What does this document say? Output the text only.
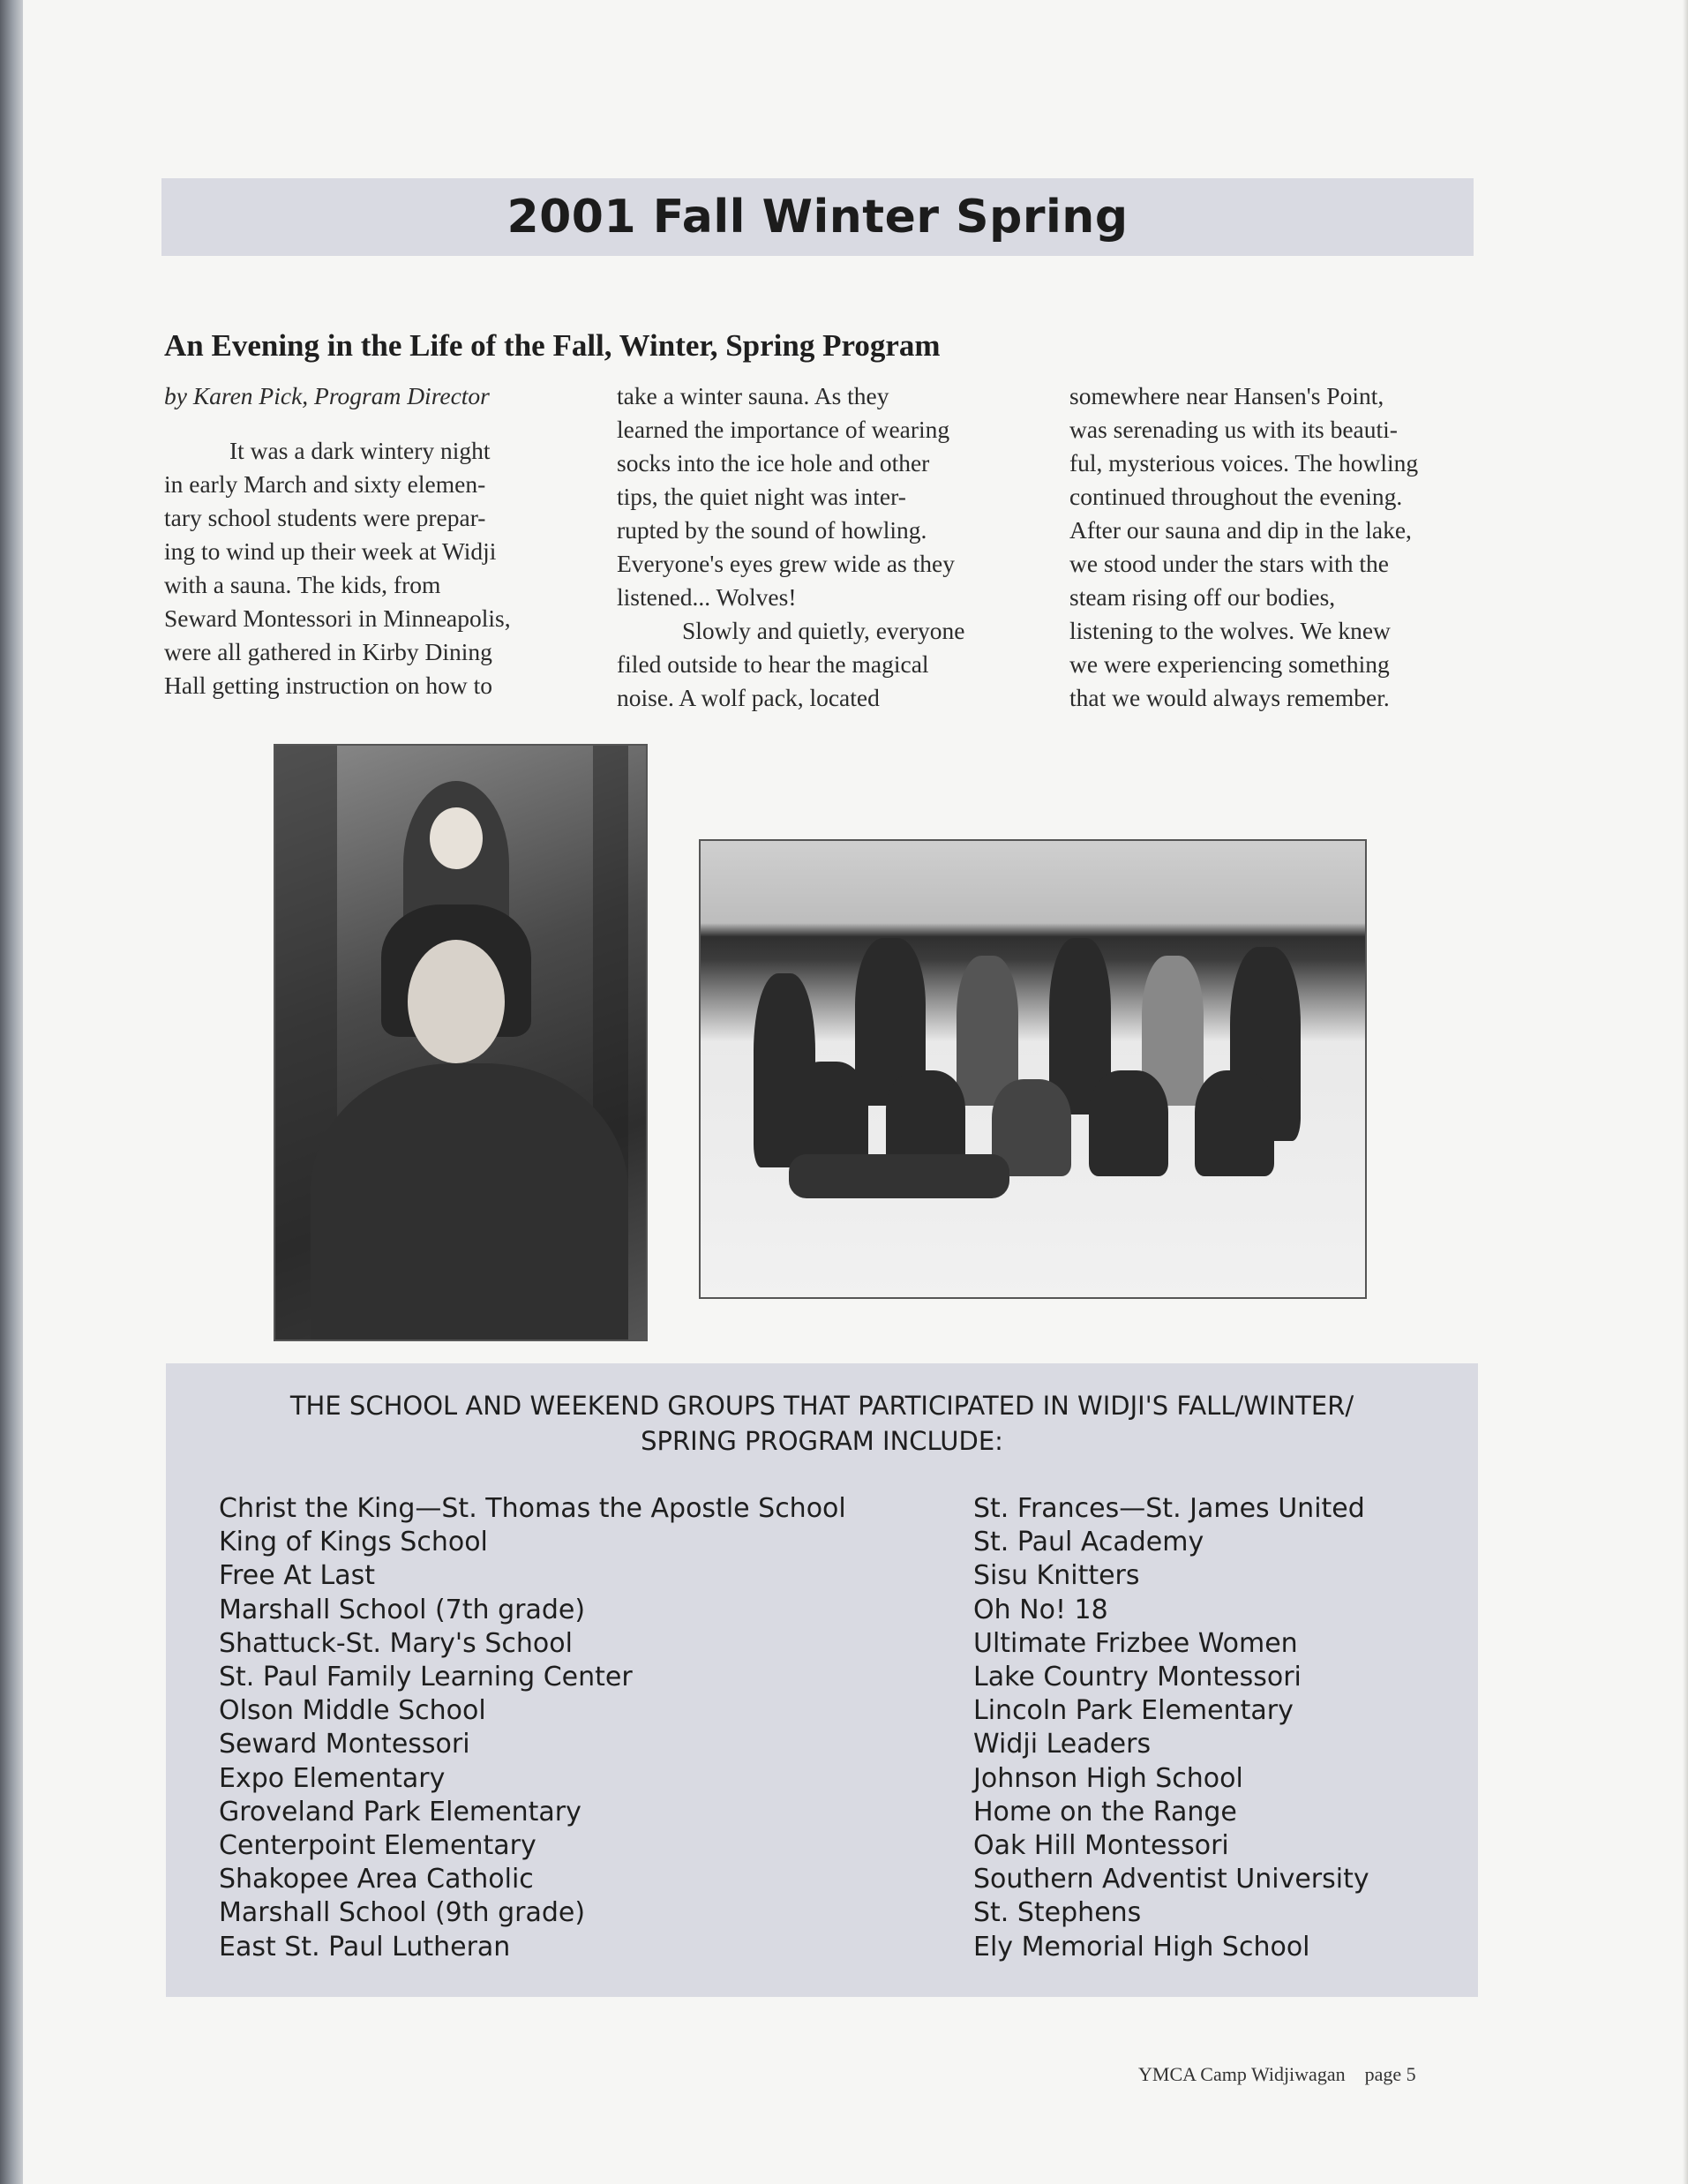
2001 Fall Winter Spring
An Evening in the Life of the Fall, Winter, Spring Program

by Karen Pick, Program Director

It was a dark wintery night
in early March and sixty elemen-
tary school students were prepar-
ing to wind up their week at Widji
with a sauna. The kids, from
Seward Montessori in Minneapolis,
were all gathered in Kirby Dining
Hall getting instruction on how to
take a winter sauna. As they
learned the importance of wearing
socks into the ice hole and other
tips, the quiet night was inter-
rupted by the sound of howling.
Everyone's eyes grew wide as they
listened... Wolves!
Slowly and quietly, everyone
filed outside to hear the magical
noise. A wolf pack, located
somewhere near Hansen's Point,
was serenading us with its beauti-
ful, mysterious voices. The howling
continued throughout the evening.
After our sauna and dip in the lake,
we stood under the stars with the
steam rising off our bodies,
listening to the wolves. We knew
we were experiencing something
that we would always remember.
THE SCHOOL AND WEEKEND GROUPS THAT PARTICIPATED IN WIDJI'S FALL/WINTER/
SPRING PROGRAM INCLUDE:
Christ the King—St. Thomas the Apostle School
King of Kings School
Free At Last
Marshall School (7th grade)
Shattuck-St. Mary's School
St. Paul Family Learning Center
Olson Middle School
Seward Montessori
Expo Elementary
Groveland Park Elementary
Centerpoint Elementary
Shakopee Area Catholic
Marshall School (9th grade)
East St. Paul Lutheran
St. Frances—St. James United
St. Paul Academy
Sisu Knitters
Oh No! 18
Ultimate Frizbee Women
Lake Country Montessori
Lincoln Park Elementary
Widji Leaders
Johnson High School
Home on the Range
Oak Hill Montessori
Southern Adventist University
St. Stephens
Ely Memorial High School
YMCA Camp Widjiwagan page 5
